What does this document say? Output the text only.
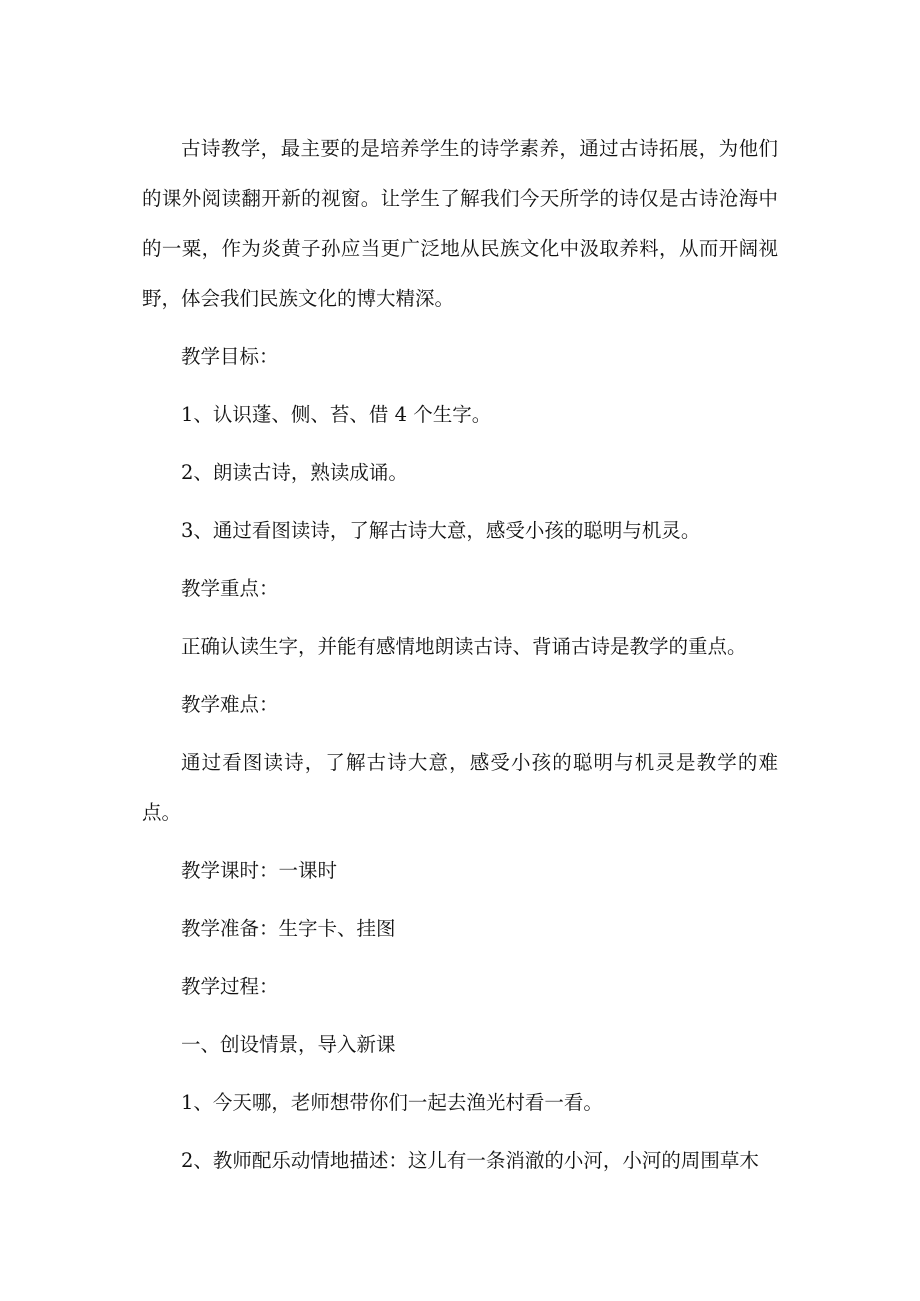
古诗教学，最主要的是培养学生的诗学素养，通过古诗拓展，为他们的课外阅读翻开新的视窗。让学生了解我们今天所学的诗仅是古诗沧海中的一粟，作为炎黄子孙应当更广泛地从民族文化中汲取养料，从而开阔视野，体会我们民族文化的博大精深。

教学目标：

1、认识蓬、侧、苔、借 4 个生字。

2、朗读古诗，熟读成诵。

3、通过看图读诗，了解古诗大意，感受小孩的聪明与机灵。

教学重点：

正确认读生字，并能有感情地朗读古诗、背诵古诗是教学的重点。

教学难点：

通过看图读诗，了解古诗大意，感受小孩的聪明与机灵是教学的难点。

教学课时：一课时

教学准备：生字卡、挂图

教学过程：

一、创设情景，导入新课

1、今天哪，老师想带你们一起去渔光村看一看。

2、教师配乐动情地描述：这儿有一条消澈的小河，小河的周围草木
